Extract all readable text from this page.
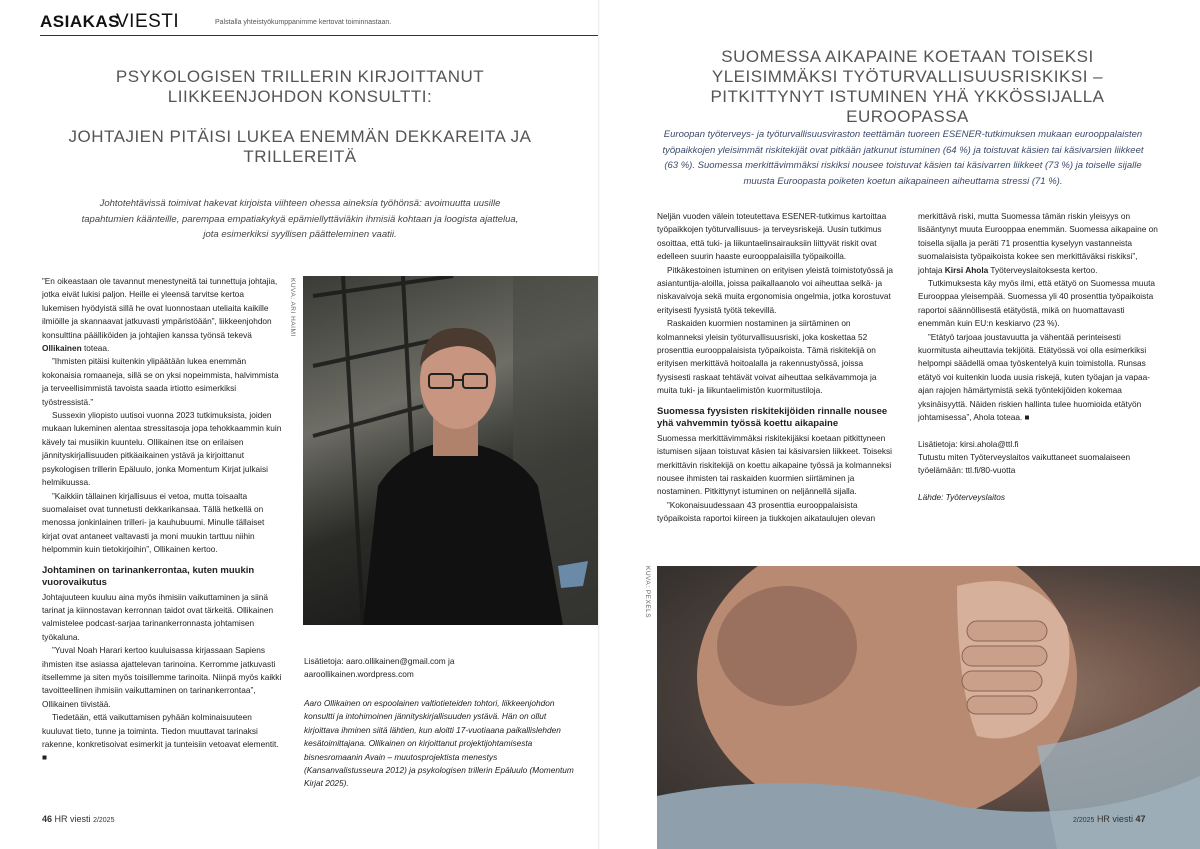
ASIAKAS
VIESTI	Palstalla yhteistyökumppanimme kertovat toiminnastaan.
PSYKOLOGISEN TRILLERIN KIRJOITTANUT LIIKKEENJOHDON KONSULTTI:
JOHTAJIEN PITÄISI LUKEA ENEMMÄN DEKKAREITA JA TRILLEREITÄ
Johtotehtävissä toimivat hakevat kirjoista viihteen ohessa aineksia työhönsä: avoimuutta uusille tapahtumien käänteille, parempaa empatiakykyä epämiellyttäviäkin ihmisiä kohtaan ja loogista ajattelua, jota esimerkiksi syyllisen päätteleminen vaatii.

”En oikeastaan ole tavannut menestyneitä tai tunnettuja johtajia, jotka eivät lukisi paljon. Heille ei yleensä tarvitse kertoa lukemisen hyödyistä sillä he ovat luonnostaan uteliaita kaikille ilmiöille ja skannaavat jatkuvasti ympäristöään”, liikkeenjohdon konsulttina päälliköiden ja johtajien kanssa työnsä tekevä Ollikainen toteaa.

”Ihmisten pitäisi kuitenkin ylipäätään lukea enemmän kokonaisia romaaneja, sillä se on yksi nopeimmista, halvimmista ja terveellisimmistä tavoista saada irtiotto esimerkiksi työstressistä.”

Sussexin yliopisto uutisoi vuonna 2023 tutkimuksista, joiden mukaan lukeminen alentaa stressitasoja jopa tehokkaammin kuin kävely tai musiikin kuuntelu. Ollikainen itse on erilaisen jännityskirjallisuuden pitkäaikainen ystävä ja kirjoittanut psykologisen trillerin Epäluulo, jonka Momentum Kirjat julkaisi helmikuussa.

”Kaikkiin tällainen kirjallisuus ei vetoa, mutta toisaalta suomalaiset ovat tunnetusti dekkarikansaa. Tällä hetkellä on menossa jonkinlainen trilleri- ja kauhubuumi. Minulle tällaiset kirjat ovat antaneet valtavasti ja moni muukin tarttuu niihin helpommin kuin tietokirjoihin”, Ollikainen kertoo.

Johtaminen on tarinankerrontaa, kuten muukin vuorovaikutus

Johtajuuteen kuuluu aina myös ihmisiin vaikuttaminen ja siinä tarinat ja kiinnostavan kerronnan taidot ovat tärkeitä. Ollikainen valmistelee podcast-sarjaa tarinankerronnasta johtamisen työkaluna.

”Yuval Noah Harari kertoo kuuluisassa kirjassaan Sapiens ihmisten itse asiassa ajattelevan tarinoina. Kerromme jatkuvasti itsellemme ja siten myös toisillemme tarinoita. Niinpä myös kaikki tavoitteellinen ihmisiin vaikuttaminen on tarinankerrontaa”, Ollikainen tiivistää.

Tiedetään, että vaikuttamisen pyhään kolminaisuuteen kuuluvat tieto, tunne ja toiminta. Tiedon muuttavat tarinaksi rakenne, konkretisoivat esimerkit ja tunteisiin vetoavat elementit. ■

KUVA: ARI HAIMI
Lisätietoja: aaro.ollikainen@gmail.com ja aaroollikainen.wordpress.com
Aaro Ollikainen on espoolainen valtiotieteiden tohtori, liikkeenjohdon konsultti ja intohimoinen jännityskirjallisuuden ystävä. Hän on ollut kirjoittava ihminen siitä lähtien, kun aloitti 17-vuotiaana paikallislehden kesätoimittajana. Ollikainen on kirjoittanut projektijohtamisesta bisnesromaanin Avain – muutosprojektista menestys (Kansanvalistusseura 2012) ja psykologisen trillerin Epäluulo (Momentum Kirjat 2025).
46 HR viesti 2/2025
SUOMESSA AIKAPAINE KOETAAN TOISEKSI YLEISIMMÄKSI TYÖTURVALLISUUSRISKIKSI – PITKITTYNYT ISTUMINEN YHÄ YKKÖSSIJALLA EUROOPASSA
Euroopan työterveys- ja työturvallisuusviraston teettämän tuoreen ESENER-tutkimuksen mukaan eurooppalaisten työpaikkojen yleisimmät riskitekijät ovat pitkään jatkunut istuminen (64 %) ja toistuvat käsien tai käsivarsien liikkeet (63 %). Suomessa merkittävimmäksi riskiksi nousee toistuvat käsien tai käsivarren liikkeet (73 %) ja toiselle sijalle muusta Euroopasta poiketen koetun aikapaineen aiheuttama stressi (71 %).

Neljän vuoden välein toteutettava ESENER-tutkimus kartoittaa työpaikkojen työturvallisuus- ja terveysriskejä. Uusin tutkimus osoittaa, että tuki- ja liikuntaelinsairauksiin liittyvät riskit ovat edelleen suurin haaste eurooppalaisilla työpaikoilla.

Pitkäkestoinen istuminen on erityisen yleistä toimistotyössä ja asiantuntija-aloilla, joissa paikallaanolo voi aiheuttaa selkä- ja niskavaivoja sekä muita ergonomisia ongelmia, jotka korostuvat erityisesti fyysistä työtä tekevillä.

Raskaiden kuormien nostaminen ja siirtäminen on kolmanneksi yleisin työturvallisuusriski, joka koskettaa 52 prosenttia eurooppalaisista työpaikoista. Tämä riskitekijä on erityisen merkittävä hoitoalalla ja rakennustyössä, joissa fyysisesti raskaat tehtävät voivat aiheuttaa selkävammoja ja muita tuki- ja liikuntaelimistön kuormitustiloja.

Suomessa fyysisten riskitekijöiden rinnalle nousee yhä vahvemmin työssä koettu aikapaine

Suomessa merkittävimmäksi riskitekijäksi koetaan pitkittyneen istumisen sijaan toistuvat käsien tai käsivarsien liikkeet. Toiseksi merkittävin riskitekijä on koettu aikapaine työssä ja kolmanneksi nousee ihmisten tai raskaiden kuormien siirtäminen ja nostaminen. Pitkittynyt istuminen on neljännellä sijalla.

”Kokonaisuudessaan 43 prosenttia eurooppalaisista työpaikoista raportoi kiireen ja tiukkojen aikataulujen olevan

merkittävä riski, mutta Suomessa tämän riskin yleisyys on lisääntynyt muuta Eurooppaa enemmän. Suomessa aikapaine on toisella sijalla ja peräti 71 prosenttia kyselyyn vastanneista suomalaisista työpaikoista kokee sen merkittäväksi riskiksi”, johtaja Kirsi Ahola Työterveyslaitoksesta kertoo.

Tutkimuksesta käy myös ilmi, että etätyö on Suomessa muuta Eurooppaa yleisempää. Suomessa yli 40 prosenttia työpaikoista raportoi säännöllisestä etätyöstä, mikä on huomattavasti enemmän kuin EU:n keskiarvo (23 %).

”Etätyö tarjoaa joustavuutta ja vähentää perinteisesti kuormitusta aiheuttavia tekijöitä. Etätyössä voi olla esimerkiksi helpompi säädellä omaa työskentelyä kuin toimistolla. Runsas etätyö voi kuitenkin luoda uusia riskejä, kuten työajan ja vapaa-ajan rajojen hämärtymistä sekä työntekijöiden kokemaa yksinäisyyttä. Näiden riskien hallinta tulee huomioida etätyön johtamisessa”, Ahola toteaa. ■

Lisätietoja: kirsi.ahola@ttl.fi

Tutustu miten Työterveyslaitos vaikuttaneet suomalaiseen työelämään: ttl.fi/80-vuotta

Lähde: Työterveyslaitos

KUVA: PEXELS
2/2025 HR viesti 47
